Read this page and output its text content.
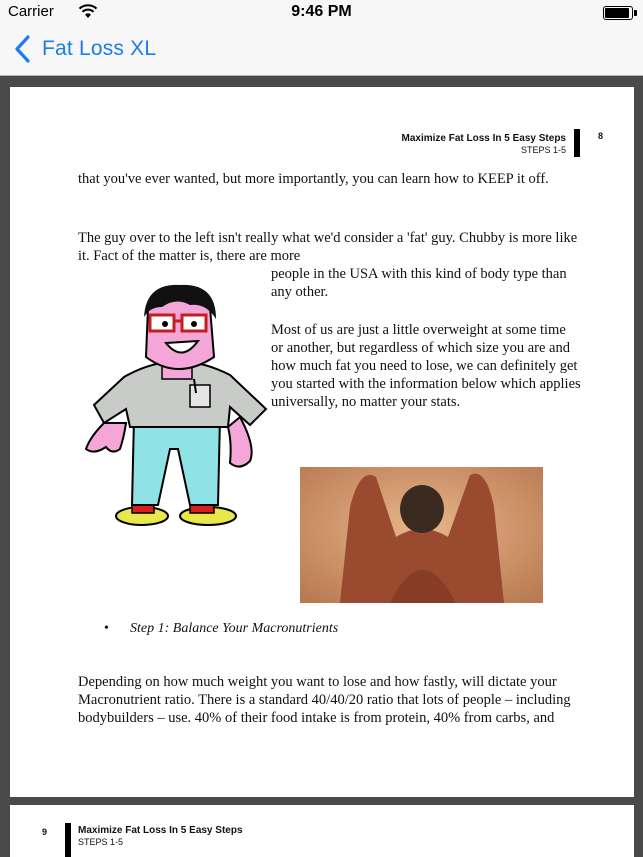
Carrier	9:46 PM
Fat Loss XL
Maximize Fat Loss In 5 Easy Steps
STEPS 1-5
8
that you've ever wanted, but more importantly, you can learn how to KEEP it off.
The guy over to the left isn't really what we'd consider a 'fat' guy. Chubby is more like it. Fact of the matter is, there are more
people in the USA with this kind of body type than any other.
Most of us are just a little overweight at some time or another, but regardless of which size you are and how much fat you need to lose, we can definitely get you started with the information below which applies universally, no matter your stats.
• Step 1: Balance Your Macronutrients
Depending on how much weight you want to lose and how fastly, will dictate your Macronutrient ratio. There is a standard 40/40/20 ratio that lots of people – including bodybuilders – use. 40% of their food intake is from protein, 40% from carbs, and
9	Maximize Fat Loss In 5 Easy Steps
STEPS 1-5
